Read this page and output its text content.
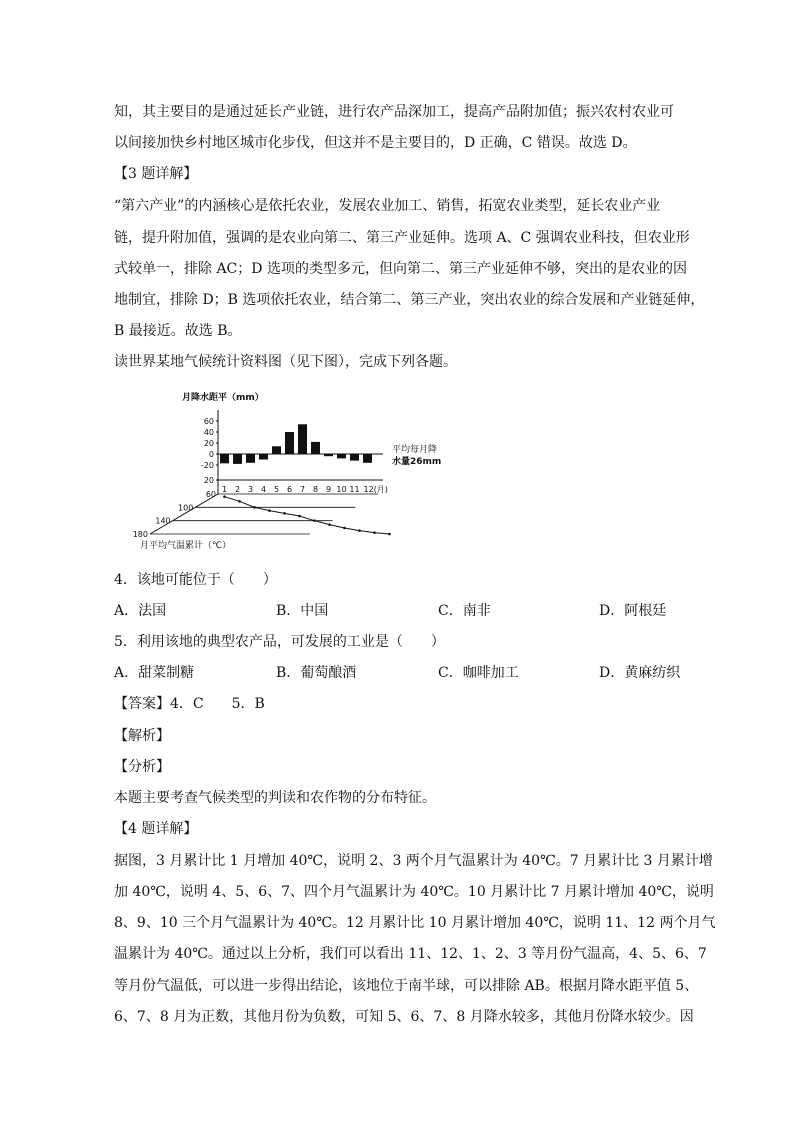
知，其主要目的是通过延长产业链，进行农产品深加工，提高产品附加值；振兴农村农业可
以间接加快乡村地区城市化步伐，但这并不是主要目的，D 正确，C 错误。故选 D。
【3 题详解】
“第六产业”的内涵核心是依托农业，发展农业加工、销售，拓宽农业类型，延长农业产业
链，提升附加值，强调的是农业向第二、第三产业延伸。选项 A、C 强调农业科技，但农业形
式较单一，排除 AC；D 选项的类型多元，但向第二、第三产业延伸不够，突出的是农业的因
地制宜，排除 D；B 选项依托农业，结合第二、第三产业，突出农业的综合发展和产业链延伸，
B 最接近。故选 B。
读世界某地气候统计资料图（见下图），完成下列各题。
月降水距平（mm）
60
40
20
0
-20
20
1 2 3 4 5 6 7 8 9 10 11 12(月)
平均每月降
水量26mm
60
100
140
180
月平均气温累计（℃）
4．该地可能位于（　　）
A．法国	B．中国	C．南非	D．阿根廷
5．利用该地的典型农产品，可发展的工业是（　　）
A．甜菜制糖	B．葡萄酿酒	C．咖啡加工	D．黄麻纺织
【答案】4．C 5．B
【解析】
【分析】
本题主要考查气候类型的判读和农作物的分布特征。
【4 题详解】
据图，3 月累计比 1 月增加 40℃，说明 2、3 两个月气温累计为 40℃。7 月累计比 3 月累计增
加 40℃，说明 4、5、6、7、四个月气温累计为 40℃。10 月累计比 7 月累计增加 40℃，说明
8、9、10 三个月气温累计为 40℃。12 月累计比 10 月累计增加 40℃，说明 11、12 两个月气
温累计为 40℃。通过以上分析，我们可以看出 11、12、1、2、3 等月份气温高，4、5、6、7
等月份气温低，可以进一步得出结论，该地位于南半球，可以排除 AB。根据月降水距平值 5、
6、7、8 月为正数，其他月份为负数，可知 5、6、7、8 月降水较多，其他月份降水较少。因
